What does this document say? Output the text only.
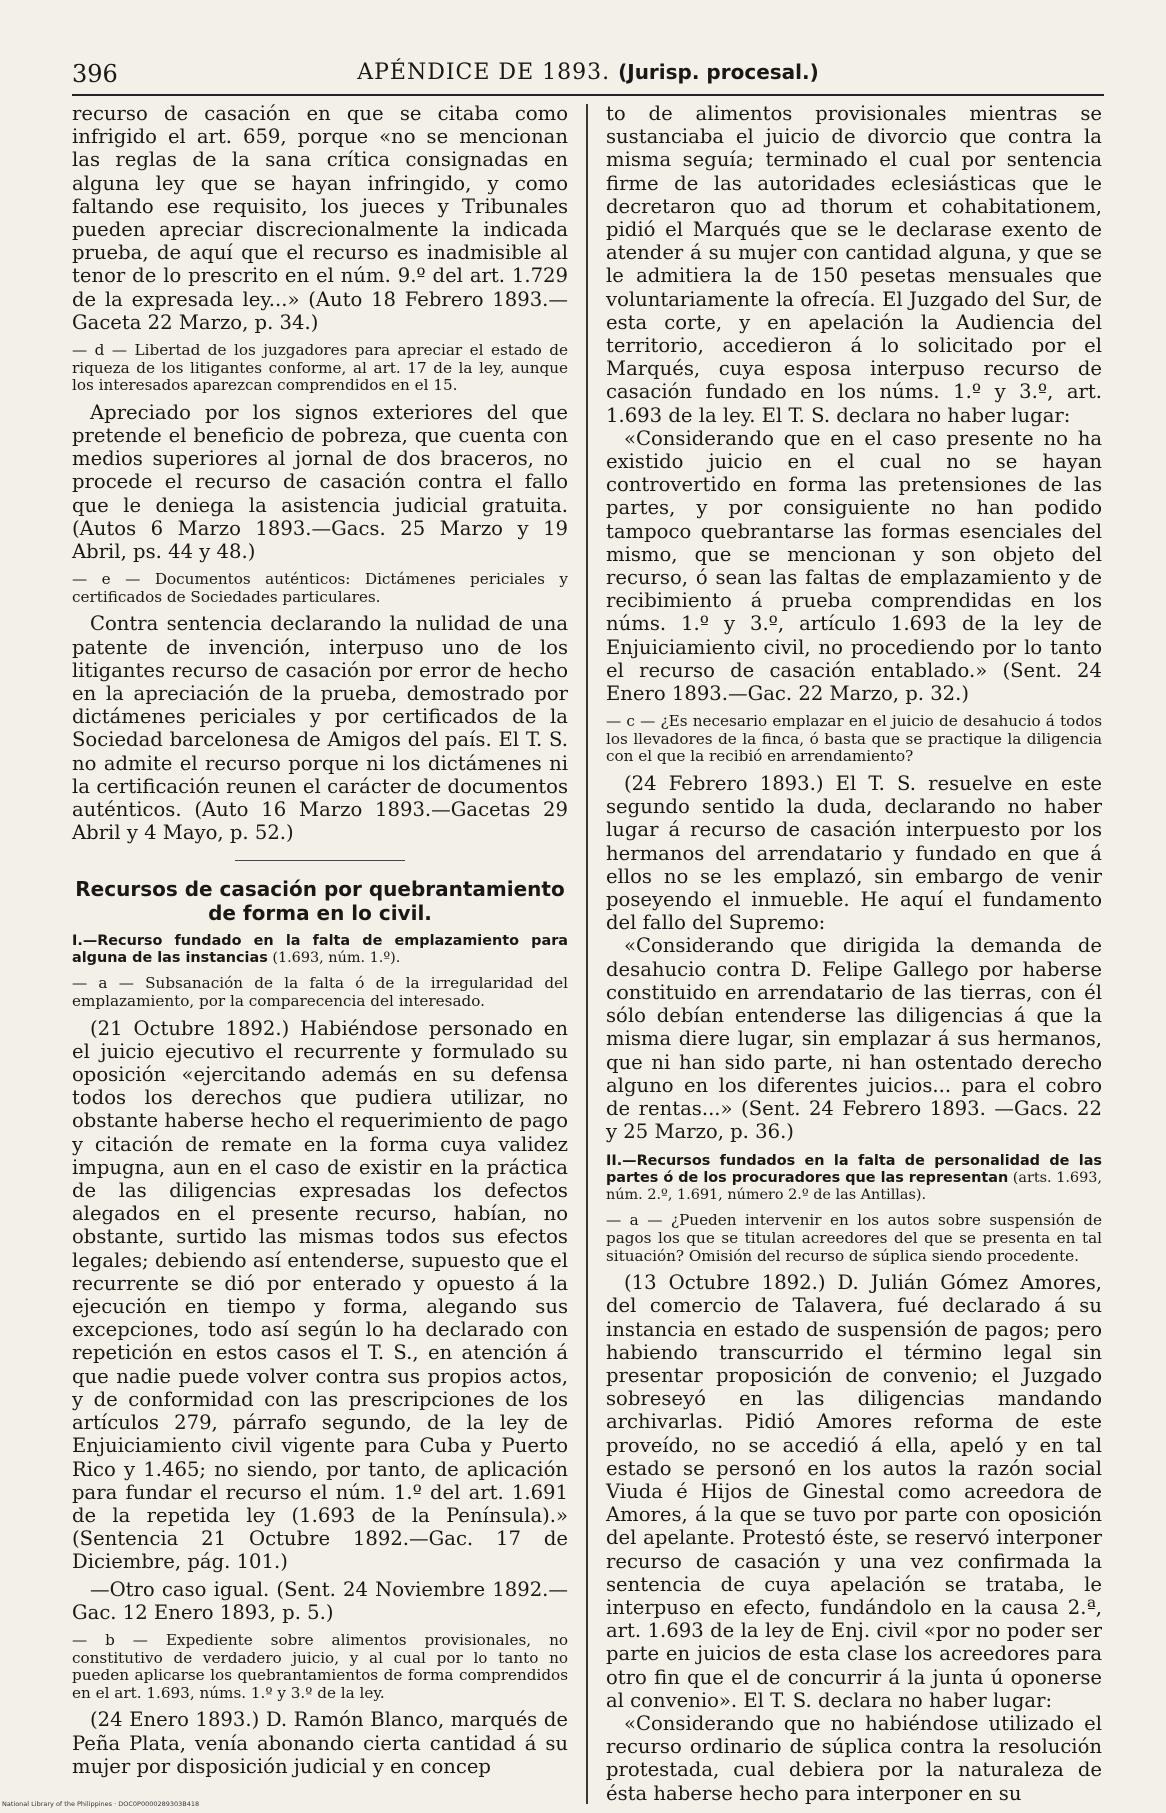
396	APÉNDICE DE 1893. (Jurisp. procesal.)

recurso de casación en que se citaba como infrigido el art. 659, porque «no se mencionan las reglas de la sana crítica consignadas en alguna ley que se hayan infringido, y como faltando ese requisito, los jueces y Tribunales pueden apreciar discrecionalmente la indicada prueba, de aquí que el recurso es inadmisible al tenor de lo prescrito en el núm. 9.º del art. 1.729 de la expresada ley...» (Auto 18 Febrero 1893.—Gaceta 22 Marzo, p. 34.)

— d — Libertad de los juzgadores para apreciar el estado de riqueza de los litigantes conforme, al art. 17 de la ley, aunque los interesados aparezcan comprendidos en el 15.

Apreciado por los signos exteriores del que pretende el beneficio de pobreza, que cuenta con medios superiores al jornal de dos braceros, no procede el recurso de casación contra el fallo que le deniega la asistencia judicial gratuita. (Autos 6 Marzo 1893.—Gacs. 25 Marzo y 19 Abril, ps. 44 y 48.)

— e — Documentos auténticos: Dictámenes periciales y certificados de Sociedades particulares.

Contra sentencia declarando la nulidad de una patente de invención, interpuso uno de los litigantes recurso de casación por error de hecho en la apreciación de la prueba, demostrado por dictámenes periciales y por certificados de la Sociedad barcelonesa de Amigos del país. El T. S. no admite el recurso porque ni los dictámenes ni la certificación reunen el carácter de documentos auténticos. (Auto 16 Marzo 1893.—Gacetas 29 Abril y 4 Mayo, p. 52.)

Recursos de casación por quebrantamiento de forma en lo civil.

I.—Recurso fundado en la falta de emplazamiento para alguna de las instancias (1.693, núm. 1.º).

— a — Subsanación de la falta ó de la irregularidad del emplazamiento, por la comparecencia del interesado.

(21 Octubre 1892.) Habiéndose personado en el juicio ejecutivo el recurrente y formulado su oposición «ejercitando además en su defensa todos los derechos que pudiera utilizar, no obstante haberse hecho el requerimiento de pago y citación de remate en la forma cuya validez impugna, aun en el caso de existir en la práctica de las diligencias expresadas los defectos alegados en el presente recurso, habían, no obstante, surtido las mismas todos sus efectos legales; debiendo así entenderse, supuesto que el recurrente se dió por enterado y opuesto á la ejecución en tiempo y forma, alegando sus excepciones, todo así según lo ha declarado con repetición en estos casos el T. S., en atención á que nadie puede volver contra sus propios actos, y de conformidad con las prescripciones de los artículos 279, párrafo segundo, de la ley de Enjuiciamiento civil vigente para Cuba y Puerto Rico y 1.465; no siendo, por tanto, de aplicación para fundar el recurso el núm. 1.º del art. 1.691 de la repetida ley (1.693 de la Península).» (Sentencia 21 Octubre 1892.—Gac. 17 de Diciembre, pág. 101.)

—Otro caso igual. (Sent. 24 Noviembre 1892.—Gac. 12 Enero 1893, p. 5.)

— b — Expediente sobre alimentos provisionales, no constitutivo de verdadero juicio, y al cual por lo tanto no pueden aplicarse los quebrantamientos de forma comprendidos en el art. 1.693, núms. 1.º y 3.º de la ley.

(24 Enero 1893.) D. Ramón Blanco, marqués de Peña Plata, venía abonando cierta cantidad á su mujer por disposición judicial y en concep

to de alimentos provisionales mientras se sustanciaba el juicio de divorcio que contra la misma seguía; terminado el cual por sentencia firme de las autoridades eclesiásticas que le decretaron quo ad thorum et cohabitationem, pidió el Marqués que se le declarase exento de atender á su mujer con cantidad alguna, y que se le admitiera la de 150 pesetas mensuales que voluntariamente la ofrecía. El Juzgado del Sur, de esta corte, y en apelación la Audiencia del territorio, accedieron á lo solicitado por el Marqués, cuya esposa interpuso recurso de casación fundado en los núms. 1.º y 3.º, art. 1.693 de la ley. El T. S. declara no haber lugar:

«Considerando que en el caso presente no ha existido juicio en el cual no se hayan controvertido en forma las pretensiones de las partes, y por consiguiente no han podido tampoco quebrantarse las formas esenciales del mismo, que se mencionan y son objeto del recurso, ó sean las faltas de emplazamiento y de recibimiento á prueba comprendidas en los núms. 1.º y 3.º, artículo 1.693 de la ley de Enjuiciamiento civil, no procediendo por lo tanto el recurso de casación entablado.» (Sent. 24 Enero 1893.—Gac. 22 Marzo, p. 32.)

— c — ¿Es necesario emplazar en el juicio de desahucio á todos los llevadores de la finca, ó basta que se practique la diligencia con el que la recibió en arrendamiento?

(24 Febrero 1893.) El T. S. resuelve en este segundo sentido la duda, declarando no haber lugar á recurso de casación interpuesto por los hermanos del arrendatario y fundado en que á ellos no se les emplazó, sin embargo de venir poseyendo el inmueble. He aquí el fundamento del fallo del Supremo:

«Considerando que dirigida la demanda de desahucio contra D. Felipe Gallego por haberse constituido en arrendatario de las tierras, con él sólo debían entenderse las diligencias á que la misma diere lugar, sin emplazar á sus hermanos, que ni han sido parte, ni han ostentado derecho alguno en los diferentes juicios... para el cobro de rentas...» (Sent. 24 Febrero 1893. —Gacs. 22 y 25 Marzo, p. 36.)

II.—Recursos fundados en la falta de personalidad de las partes ó de los procuradores que las representan (arts. 1.693, núm. 2.º, 1.691, número 2.º de las Antillas).

— a — ¿Pueden intervenir en los autos sobre suspensión de pagos los que se titulan acreedores del que se presenta en tal situación? Omisión del recurso de súplica siendo procedente.

(13 Octubre 1892.) D. Julián Gómez Amores, del comercio de Talavera, fué declarado á su instancia en estado de suspensión de pagos; pero habiendo transcurrido el término legal sin presentar proposición de convenio; el Juzgado sobreseyó en las diligencias mandando archivarlas. Pidió Amores reforma de este proveído, no se accedió á ella, apeló y en tal estado se personó en los autos la razón social Viuda é Hijos de Ginestal como acreedora de Amores, á la que se tuvo por parte con oposición del apelante. Protestó éste, se reservó interponer recurso de casación y una vez confirmada la sentencia de cuya apelación se trataba, le interpuso en efecto, fundándolo en la causa 2.ª, art. 1.693 de la ley de Enj. civil «por no poder ser parte en juicios de esta clase los acreedores para otro fin que el de concurrir á la junta ú oponerse al convenio». El T. S. declara no haber lugar:

«Considerando que no habiéndose utilizado el recurso ordinario de súplica contra la resolución protestada, cual debiera por la naturaleza de ésta haberse hecho para interponer en su

National Library of the Philippines · DOC0P0000289303B418
